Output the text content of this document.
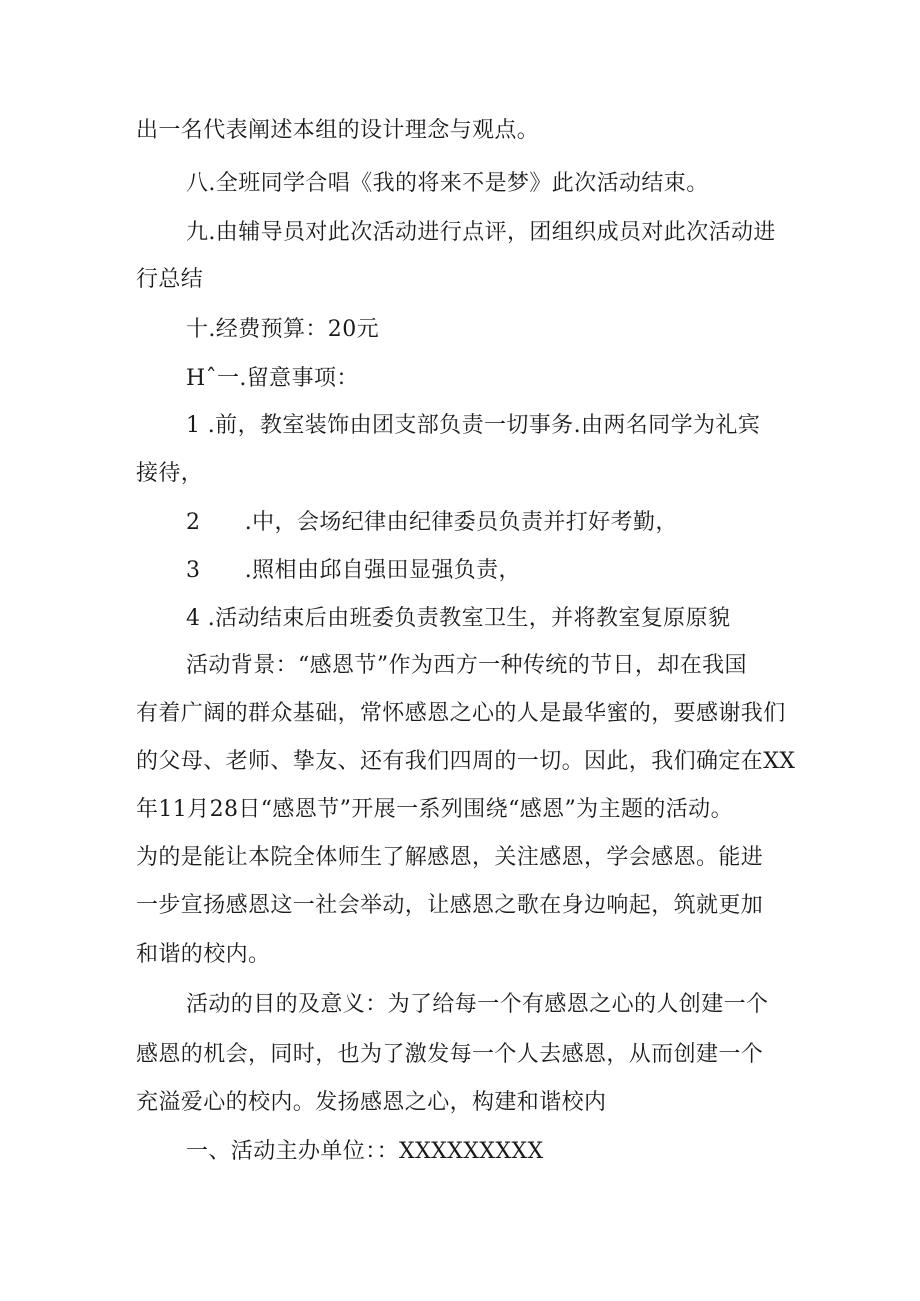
出一名代表阐述本组的设计理念与观点。
八.全班同学合唱《我的将来不是梦》此次活动结束。
九.由辅导员对此次活动进行点评，团组织成员对此次活动进
行总结
十.经费预算：20元
Hˆ一.留意事项：
1 .前，教室装饰由团支部负责一切事务.由两名同学为礼宾
接待，
2      .中，会场纪律由纪律委员负责并打好考勤，
3      .照相由邱自强田显强负责，
4 .活动结束后由班委负责教室卫生，并将教室复原原貌
活动背景：“感恩节”作为西方一种传统的节日，却在我国
有着广阔的群众基础，常怀感恩之心的人是最华蜜的，要感谢我们
的父母、老师、挚友、还有我们四周的一切。因此，我们确定在XX
年11月28日“感恩节”开展一系列围绕“感恩”为主题的活动。
为的是能让本院全体师生了解感恩，关注感恩，学会感恩。能进
一步宣扬感恩这一社会举动，让感恩之歌在身边响起，筑就更加
和谐的校内。
活动的目的及意义：为了给每一个有感恩之心的人创建一个
感恩的机会，同时，也为了激发每一个人去感恩，从而创建一个
充溢爱心的校内。发扬感恩之心，构建和谐校内
一、活动主办单位：：XXXXXXXXX
